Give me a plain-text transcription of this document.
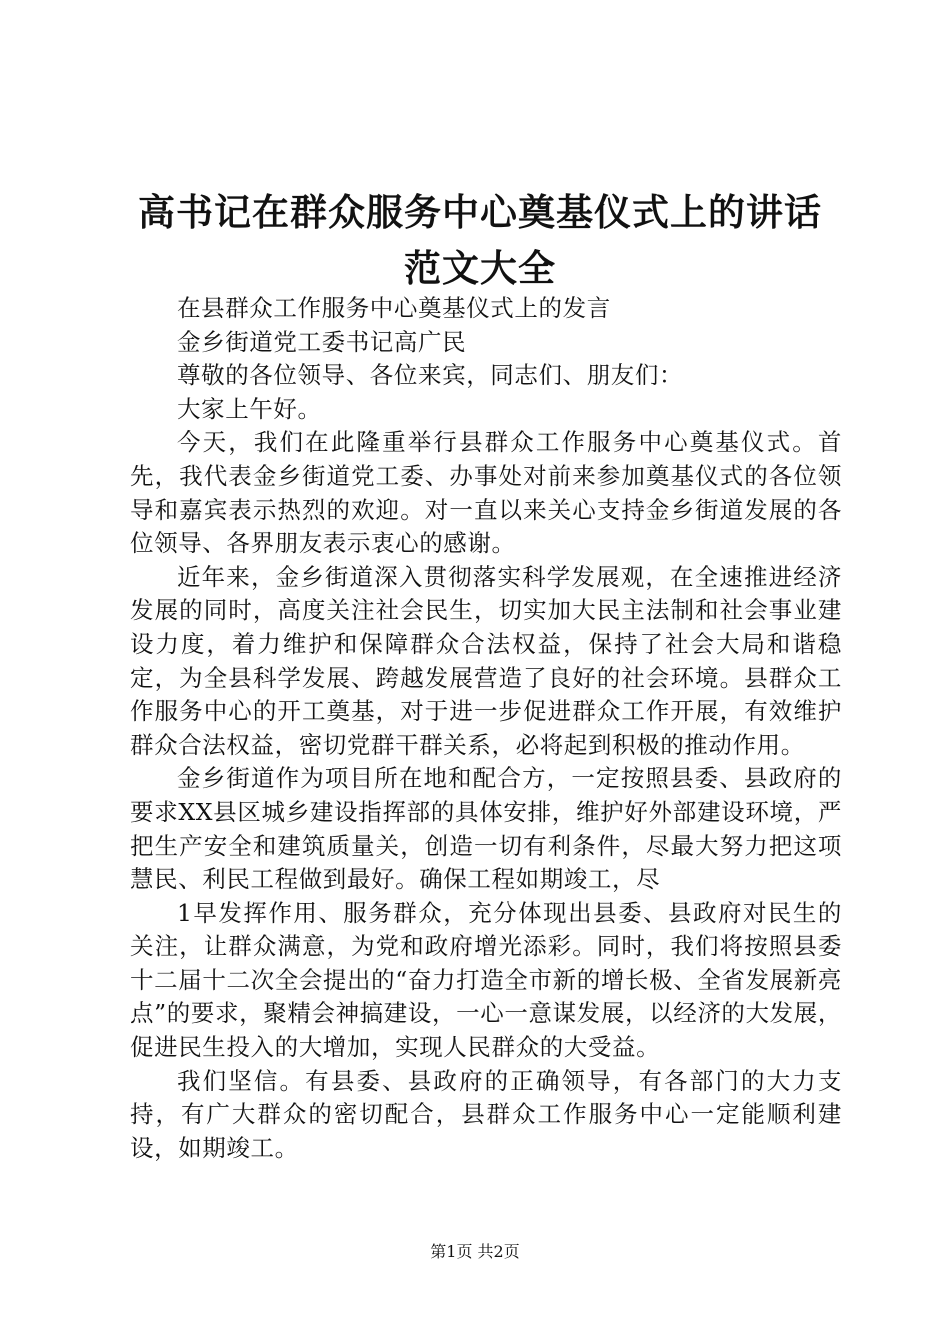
高书记在群众服务中心奠基仪式上的讲话范文大全

在县群众工作服务中心奠基仪式上的发言

金乡街道党工委书记高广民

尊敬的各位领导、各位来宾，同志们、朋友们：

大家上午好。

今天，我们在此隆重举行县群众工作服务中心奠基仪式。首先，我代表金乡街道党工委、办事处对前来参加奠基仪式的各位领导和嘉宾表示热烈的欢迎。对一直以来关心支持金乡街道发展的各位领导、各界朋友表示衷心的感谢。

近年来，金乡街道深入贯彻落实科学发展观，在全速推进经济发展的同时，高度关注社会民生，切实加大民主法制和社会事业建设力度，着力维护和保障群众合法权益，保持了社会大局和谐稳定，为全县科学发展、跨越发展营造了良好的社会环境。县群众工作服务中心的开工奠基，对于进一步促进群众工作开展，有效维护群众合法权益，密切党群干群关系，必将起到积极的推动作用。

金乡街道作为项目所在地和配合方，一定按照县委、县政府的要求XX县区城乡建设指挥部的具体安排，维护好外部建设环境，严把生产安全和建筑质量关，创造一切有利条件，尽最大努力把这项慧民、利民工程做到最好。确保工程如期竣工，尽

1早发挥作用、服务群众，充分体现出县委、县政府对民生的关注，让群众满意，为党和政府增光添彩。同时，我们将按照县委十二届十二次全会提出的“奋力打造全市新的增长极、全省发展新亮点”的要求，聚精会神搞建设，一心一意谋发展，以经济的大发展，促进民生投入的大增加，实现人民群众的大受益。

我们坚信。有县委、县政府的正确领导，有各部门的大力支持，有广大群众的密切配合，县群众工作服务中心一定能顺利建设，如期竣工。

第1页 共2页
